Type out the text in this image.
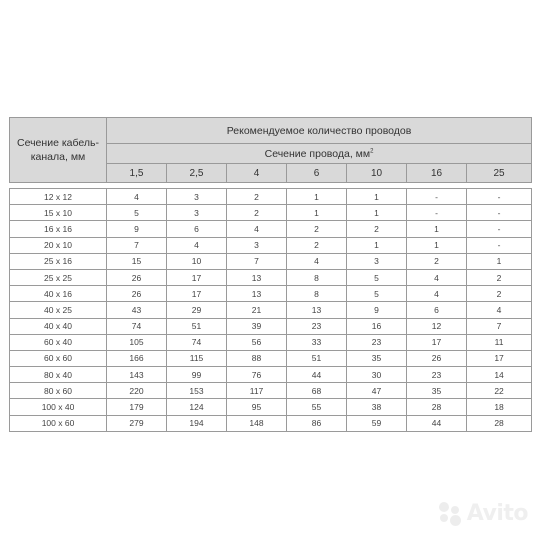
Сечение кабель-канала, мм	Рекомендуемое количество проводов						
	Сечение провода, $мм^2$
	1,5	2,5	4	6	10	16	25

12 x 12	4	3	2	1	1	-	-
15 x 10	5	3	2	1	1	-	-
16 x 16	9	6	4	2	2	1	-
20 x 10	7	4	3	2	1	1	-
25 x 16	15	10	7	4	3	2	1
25 x 25	26	17	13	8	5	4	2
40 x 16	26	17	13	8	5	4	2
40 x 25	43	29	21	13	9	6	4
40 x 40	74	51	39	23	16	12	7
60 x 40	105	74	56	33	23	17	11
60 x 60	166	115	88	51	35	26	17
80 x 40	143	99	76	44	30	23	14
80 x 60	220	153	117	68	47	35	22
100 x 40	179	124	95	55	38	28	18
100 x 60	279	194	148	86	59	44	28
Avito
